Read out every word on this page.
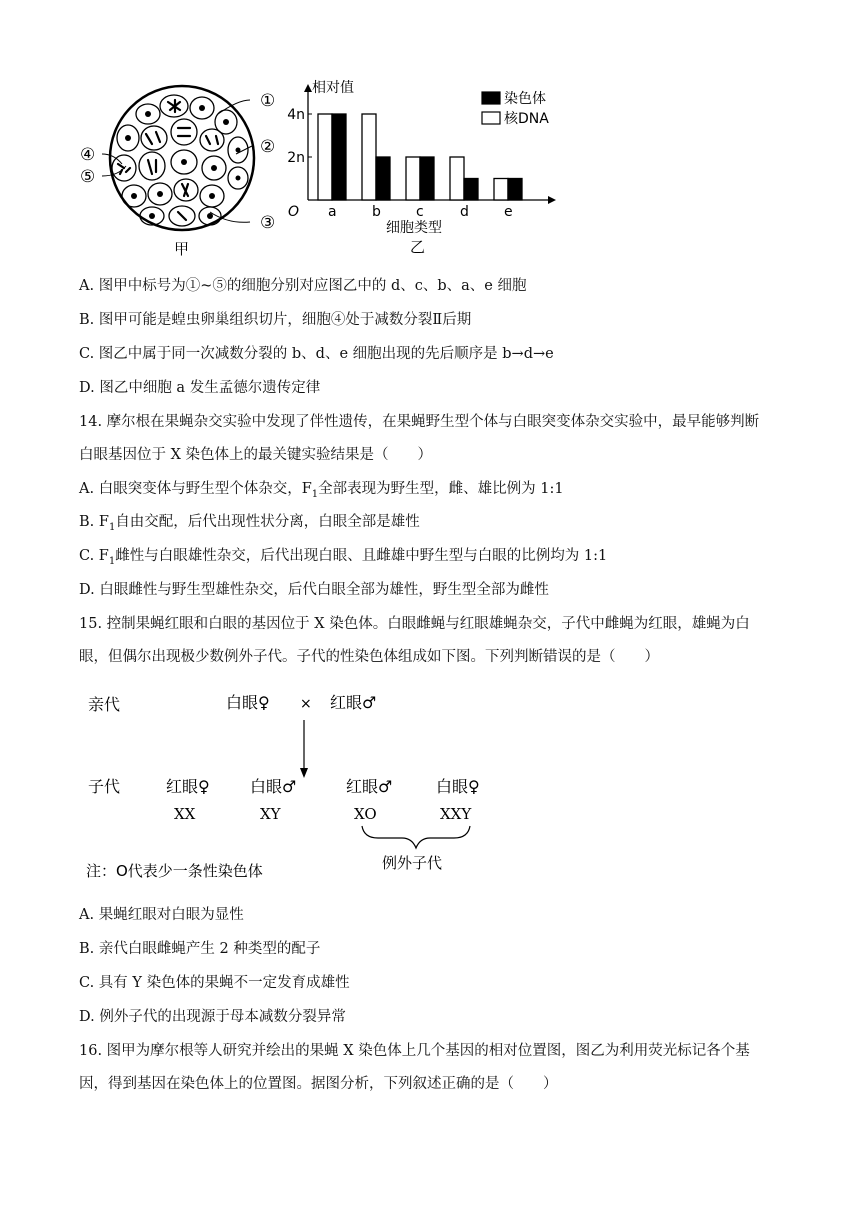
①
②
③
④
⑤
甲
相对值
2n
4n
O a	b	c	d	e
细胞类型
乙
染色体
核DNA
A. 图甲中标号为①~⑤的细胞分别对应图乙中的 d、c、b、a、e 细胞
B. 图甲可能是蝗虫卵巢组织切片，细胞④处于减数分裂Ⅱ后期
C. 图乙中属于同一次减数分裂的 b、d、e 细胞出现的先后顺序是 b→d→e
D. 图乙中细胞 a 发生孟德尔遗传定律
14. 摩尔根在果蝇杂交实验中发现了伴性遗传，在果蝇野生型个体与白眼突变体杂交实验中，最早能够判断
白眼基因位于 X 染色体上的最关键实验结果是（　　）
A. 白眼突变体与野生型个体杂交，$F_1$全部表现为野生型，雌、雄比例为 1:1
B. $F_1$自由交配，后代出现性状分离，白眼全部是雄性
C. $F_1$雌性与白眼雄性杂交，后代出现白眼、且雌雄中野生型与白眼的比例均为 1:1
D. 白眼雌性与野生型雄性杂交，后代白眼全部为雄性，野生型全部为雌性
15. 控制果蝇红眼和白眼的基因位于 X 染色体。白眼雌蝇与红眼雄蝇杂交，子代中雌蝇为红眼，雄蝇为白
眼，但偶尔出现极少数例外子代。子代的性染色体组成如下图。下列判断错误的是（　　）
亲代	白眼♀ × 红眼♂
子代	红眼♀
XX
白眼♂
XY
红眼♂
XO
白眼♀
XXY
例外子代
注：O代表少一条性染色体
A. 果蝇红眼对白眼为显性
B. 亲代白眼雌蝇产生 2 种类型的配子
C. 具有 Y 染色体的果蝇不一定发育成雄性
D. 例外子代的出现源于母本减数分裂异常
16. 图甲为摩尔根等人研究并绘出的果蝇 X 染色体上几个基因的相对位置图，图乙为利用荧光标记各个基
因，得到基因在染色体上的位置图。据图分析，下列叙述正确的是（　　）
